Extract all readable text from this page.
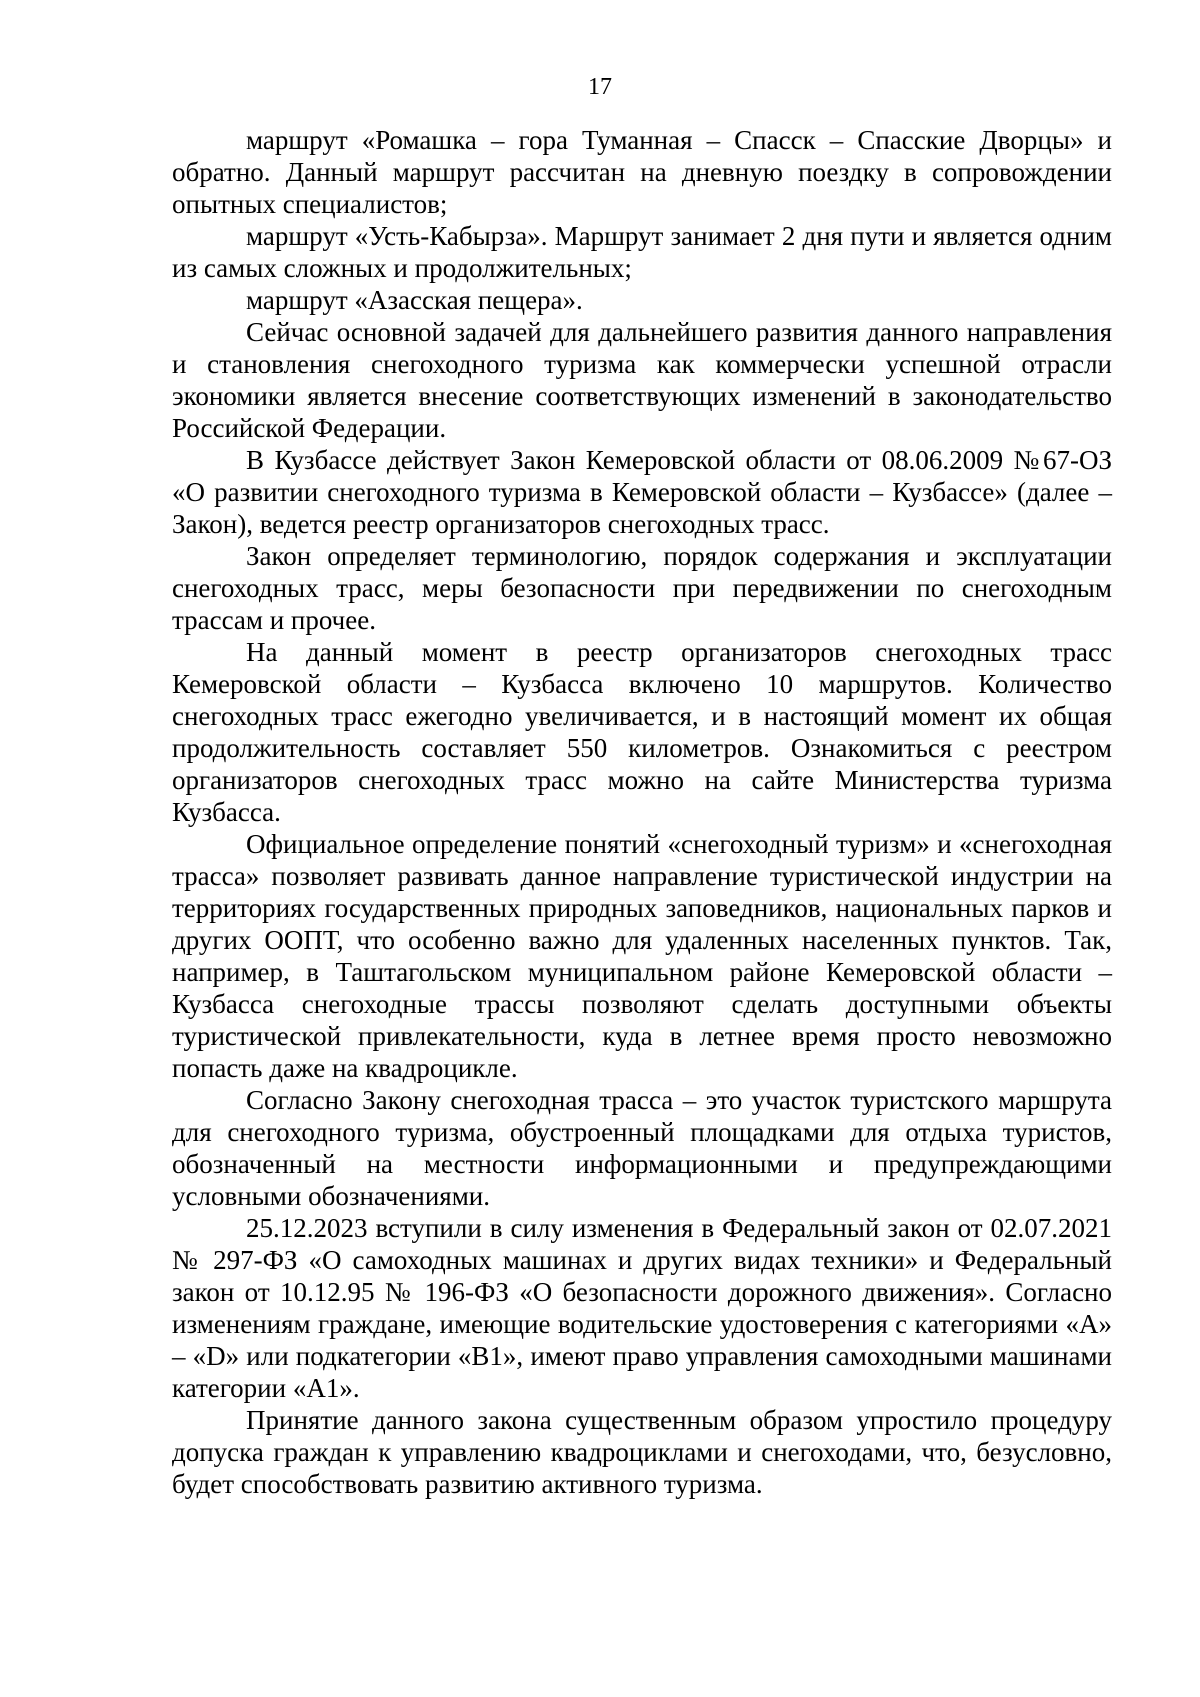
17

маршрут «Ромашка – гора Туманная – Спасск – Спасские Дворцы» и обратно. Данный маршрут рассчитан на дневную поездку в сопровождении опытных специалистов;

маршрут «Усть-Кабырза». Маршрут занимает 2 дня пути и является одним из самых сложных и продолжительных;

маршрут «Азасская пещера».

Сейчас основной задачей для дальнейшего развития данного направления и становления снегоходного туризма как коммерчески успешной отрасли экономики является внесение соответствующих изменений в законодательство Российской Федерации.

В Кузбассе действует Закон Кемеровской области от 08.06.2009 №67-ОЗ «О развитии снегоходного туризма в Кемеровской области – Кузбассе» (далее – Закон), ведется реестр организаторов снегоходных трасс.

Закон определяет терминологию, порядок содержания и эксплуатации снегоходных трасс, меры безопасности при передвижении по снегоходным трассам и прочее.

На данный момент в реестр организаторов снегоходных трасс Кемеровской области – Кузбасса включено 10 маршрутов. Количество снегоходных трасс ежегодно увеличивается, и в настоящий момент их общая продолжительность составляет 550 километров. Ознакомиться с реестром организаторов снегоходных трасс можно на сайте Министерства туризма Кузбасса.

Официальное определение понятий «снегоходный туризм» и «снегоходная трасса» позволяет развивать данное направление туристической индустрии на территориях государственных природных заповедников, национальных парков и других ООПТ, что особенно важно для удаленных населенных пунктов. Так, например, в Таштагольском муниципальном районе Кемеровской области – Кузбасса снегоходные трассы позволяют сделать доступными объекты туристической привлекательности, куда в летнее время просто невозможно попасть даже на квадроцикле.

Согласно Закону снегоходная трасса – это участок туристского маршрута для снегоходного туризма, обустроенный площадками для отдыха туристов, обозначенный на местности информационными и предупреждающими условными обозначениями.

25.12.2023 вступили в силу изменения в Федеральный закон от 02.07.2021 № 297-ФЗ «О самоходных машинах и других видах техники» и Федеральный закон от 10.12.95 № 196-ФЗ «О безопасности дорожного движения». Согласно изменениям граждане, имеющие водительские удостоверения с категориями «A» – «D» или подкатегории «B1», имеют право управления самоходными машинами категории «A1».

Принятие данного закона существенным образом упростило процедуру допуска граждан к управлению квадроциклами и снегоходами, что, безусловно, будет способствовать развитию активного туризма.
